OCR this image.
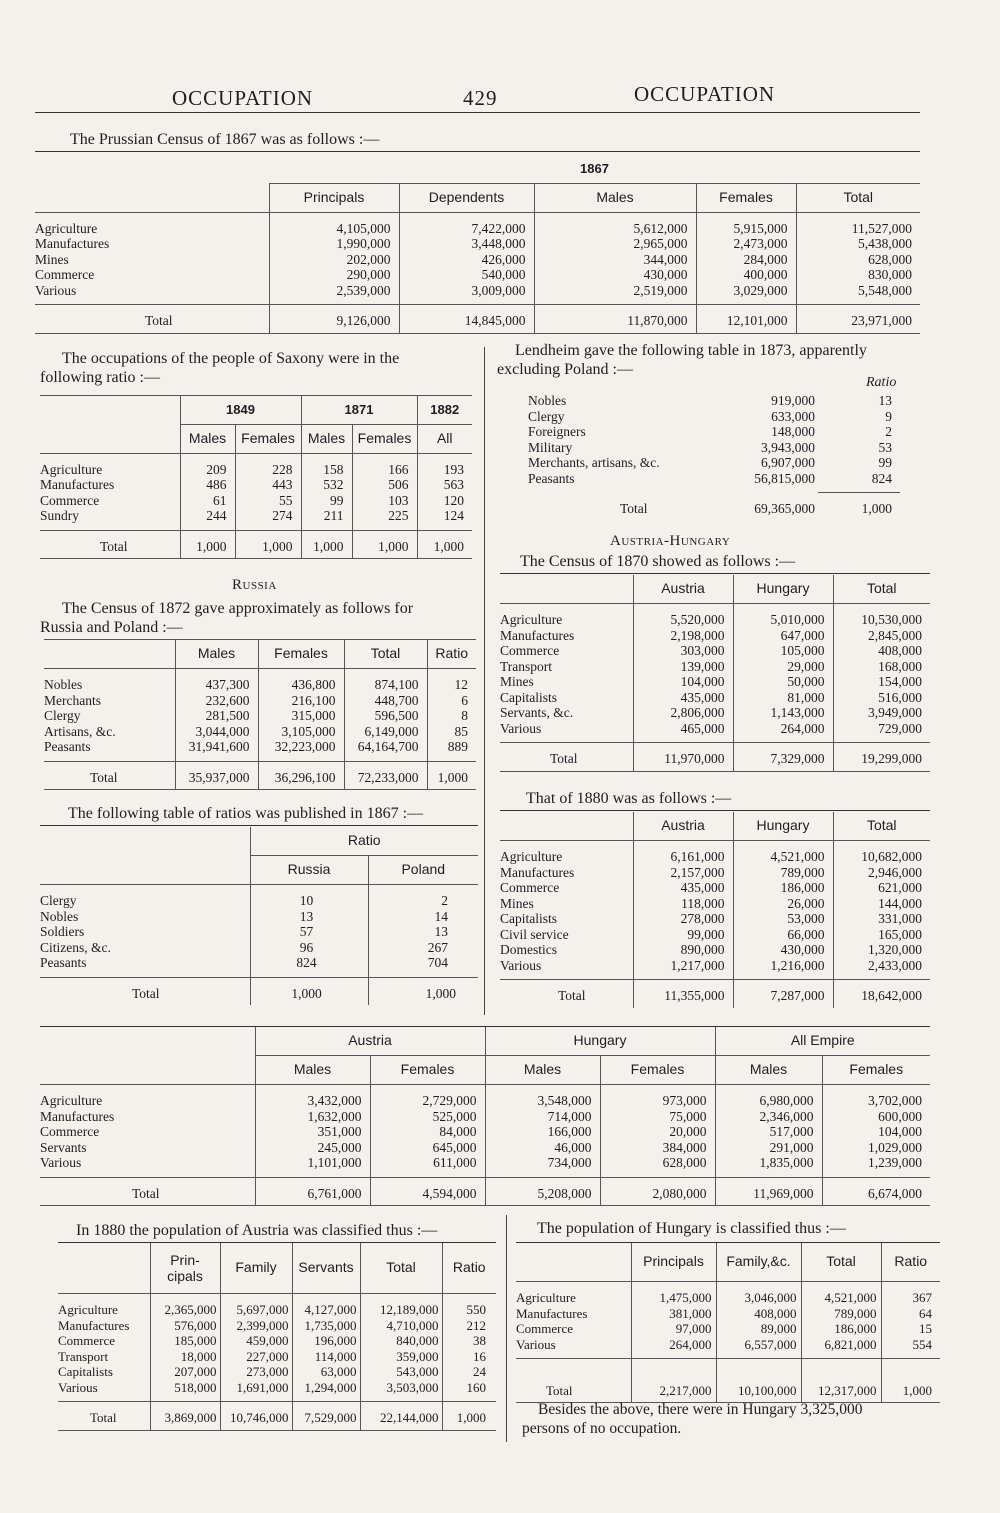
OCCUPATION	429	OCCUPATION
The Prussian Census of 1867 was as follows :—
	1867				
	Principals	Dependents	Males	Females	Total
Agriculture	4,105,000	7,422,000	5,612,000	5,915,000	11,527,000
Manufactures	1,990,000	3,448,000	2,965,000	2,473,000	5,438,000
Mines	202,000	426,000	344,000	284,000	628,000
Commerce	290,000	540,000	430,000	400,000	830,000
Various	2,539,000	3,009,000	2,519,000	3,029,000	5,548,000
Total	9,126,000	14,845,000	11,870,000	12,101,000	23,971,000
The occupations of the people of Saxony were in the
following ratio :—
	1849		1871		1882
	Males	Females	Males	Females	All
Agriculture	209	228	158	166	193
Manufactures	486	443	532	506	563
Commerce	61	55	99	103	120
Sundry	244	274	211	225	124
Total	1,000	1,000	1,000	1,000	1,000
Lendheim gave the following table in 1873, apparently
excluding Poland :—
Ratio
Nobles	919,000	13
Clergy	633,000	9
Foreigners	148,000	2
Military	3,943,000	53
Merchants, artisans, &c.	6,907,000	99
Peasants	56,815,000	824
Total	69,365,000	1,000
Austria-Hungary
The Census of 1870 showed as follows :—
	Austria	Hungary	Total
Agriculture	5,520,000	5,010,000	10,530,000
Manufactures	2,198,000	647,000	2,845,000
Commerce	303,000	105,000	408,000
Transport	139,000	29,000	168,000
Mines	104,000	50,000	154,000
Capitalists	435,000	81,000	516,000
Servants, &c.	2,806,000	1,143,000	3,949,000
Various	465,000	264,000	729,000
Total	11,970,000	7,329,000	19,299,000
That of 1880 was as follows :—
	Austria	Hungary	Total
Agriculture	6,161,000	4,521,000	10,682,000
Manufactures	2,157,000	789,000	2,946,000
Commerce	435,000	186,000	621,000
Mines	118,000	26,000	144,000
Capitalists	278,000	53,000	331,000
Civil service	99,000	66,000	165,000
Domestics	890,000	430,000	1,320,000
Various	1,217,000	1,216,000	2,433,000
Total	11,355,000	7,287,000	18,642,000
Russia
The Census of 1872 gave approximately as follows for
Russia and Poland :—
	Males	Females	Total	Ratio
Nobles	437,300	436,800	874,100	12
Merchants	232,600	216,100	448,700	6
Clergy	281,500	315,000	596,500	8
Artisans, &c.	3,044,000	3,105,000	6,149,000	85
Peasants	31,941,600	32,223,000	64,164,700	889
Total	35,937,000	36,296,100	72,233,000	1,000
The following table of ratios was published in 1867 :—
	Ratio	
	Russia	Poland
Clergy	10	2
Nobles	13	14
Soldiers	57	13
Citizens, &c.	96	267
Peasants	824	704
Total	1,000	1,000
	Austria		Hungary		All Empire	
	Males	Females	Males	Females	Males	Females
Agriculture	3,432,000	2,729,000	3,548,000	973,000	6,980,000	3,702,000
Manufactures	1,632,000	525,000	714,000	75,000	2,346,000	600,000
Commerce	351,000	84,000	166,000	20,000	517,000	104,000
Servants	245,000	645,000	46,000	384,000	291,000	1,029,000
Various	1,101,000	611,000	734,000	628,000	1,835,000	1,239,000
Total	6,761,000	4,594,000	5,208,000	2,080,000	11,969,000	6,674,000
In 1880 the population of Austria was classified thus :—
	Prin-cipals	Family	Servants	Total	Ratio
Agriculture	2,365,000	5,697,000	4,127,000	12,189,000	550
Manufactures	576,000	2,399,000	1,735,000	4,710,000	212
Commerce	185,000	459,000	196,000	840,000	38
Transport	18,000	227,000	114,000	359,000	16
Capitalists	207,000	273,000	63,000	543,000	24
Various	518,000	1,691,000	1,294,000	3,503,000	160
Total	3,869,000	10,746,000	7,529,000	22,144,000	1,000
The population of Hungary is classified thus :—
	Principals	Family,&c.	Total	Ratio
Agriculture	1,475,000	3,046,000	4,521,000	367
Manufactures	381,000	408,000	789,000	64
Commerce	97,000	89,000	186,000	15
Various	264,000	6,557,000	6,821,000	554
Total	2,217,000	10,100,000	12,317,000	1,000
Besides the above, there were in Hungary 3,325,000
persons of no occupation.
